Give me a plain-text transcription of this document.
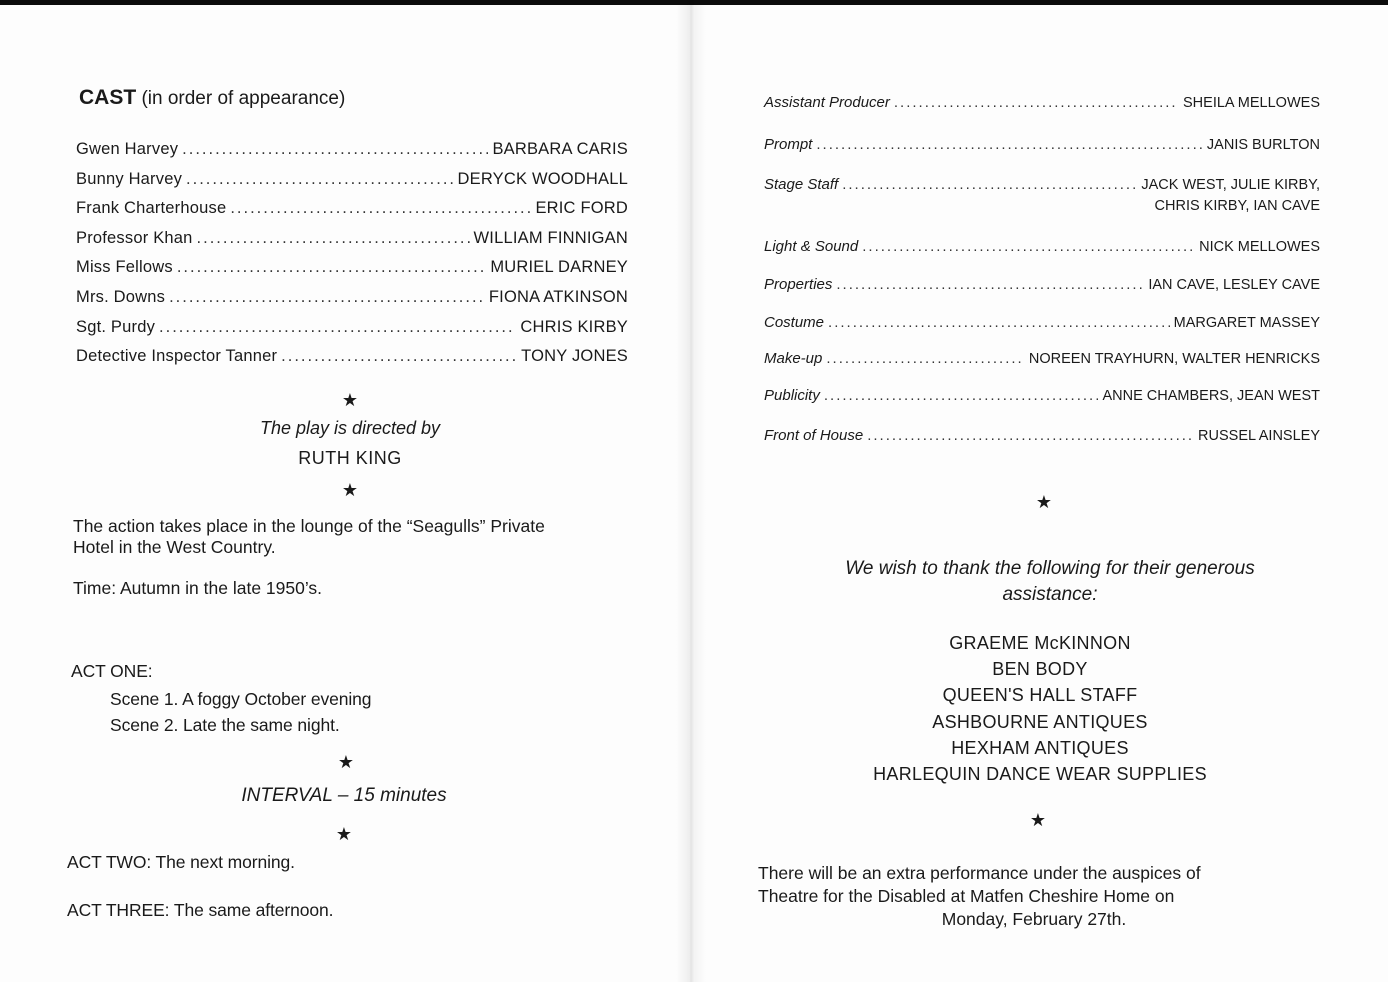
CAST (in order of appearance)
Gwen Harvey .....	BARBARA CARIS
Bunny Harvey .....	DERYCK WOODHALL
Frank Charterhouse .....	ERIC FORD
Professor Khan .....	WILLIAM FINNIGAN
Miss Fellows .....	MURIEL DARNEY
Mrs. Downs .....	FIONA ATKINSON
Sgt. Purdy .....	CHRIS KIRBY
Detective Inspector Tanner .....	TONY JONES
★
The play is directed by
RUTH KING
★
The action takes place in the lounge of the “Seagulls” Private
Hotel in the West Country.
Time: Autumn in the late 1950’s.
ACT ONE:
Scene 1. A foggy October evening
Scene 2. Late the same night.
★
INTERVAL – 15 minutes
★
ACT TWO: The next morning.
ACT THREE: The same afternoon.
Assistant Producer .....	SHEILA MELLOWES
Prompt .....	JANIS BURLTON
Stage Staff .....	JACK WEST, JULIE KIRBY,
CHRIS KIRBY, IAN CAVE
Light & Sound .....	NICK MELLOWES
Properties .....	IAN CAVE, LESLEY CAVE
Costume .....	MARGARET MASSEY
Make-up .....	NOREEN TRAYHURN, WALTER HENRICKS
Publicity .....	ANNE CHAMBERS, JEAN WEST
Front of House .....	RUSSEL AINSLEY
★
We wish to thank the following for their generous
assistance:
GRAEME McKINNON
BEN BODY
QUEEN'S HALL STAFF
ASHBOURNE ANTIQUES
HEXHAM ANTIQUES
HARLEQUIN DANCE WEAR SUPPLIES
★
There will be an extra performance under the auspices of
Theatre for the Disabled at Matfen Cheshire Home on
Monday, February 27th.
